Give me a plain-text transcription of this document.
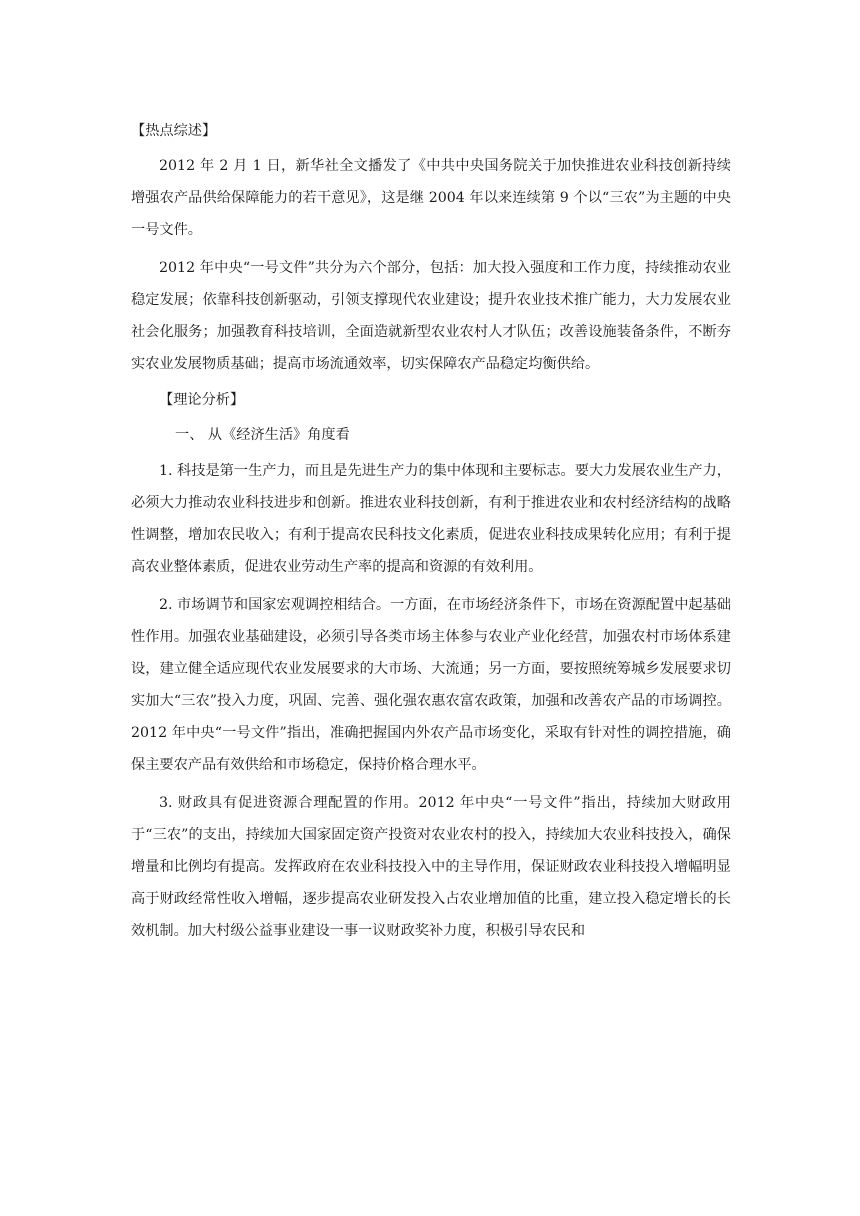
【热点综述】

2012 年 2 月 1 日，新华社全文播发了《中共中央国务院关于加快推进农业科技创新持续增强农产品供给保障能力的若干意见》，这是继 2004 年以来连续第 9 个以“三农”为主题的中央一号文件。

2012 年中央“一号文件”共分为六个部分，包括：加大投入强度和工作力度，持续推动农业稳定发展；依靠科技创新驱动，引领支撑现代农业建设；提升农业技术推广能力，大力发展农业社会化服务；加强教育科技培训，全面造就新型农业农村人才队伍；改善设施装备条件，不断夯实农业发展物质基础；提高市场流通效率，切实保障农产品稳定均衡供给。

【理论分析】

一、 从《经济生活》角度看

1. 科技是第一生产力，而且是先进生产力的集中体现和主要标志。要大力发展农业生产力，必须大力推动农业科技进步和创新。推进农业科技创新，有利于推进农业和农村经济结构的战略性调整，增加农民收入；有利于提高农民科技文化素质，促进农业科技成果转化应用；有利于提高农业整体素质，促进农业劳动生产率的提高和资源的有效利用。

2. 市场调节和国家宏观调控相结合。一方面，在市场经济条件下，市场在资源配置中起基础性作用。加强农业基础建设，必须引导各类市场主体参与农业产业化经营，加强农村市场体系建设，建立健全适应现代农业发展要求的大市场、大流通；另一方面，要按照统筹城乡发展要求切实加大“三农”投入力度，巩固、完善、强化强农惠农富农政策，加强和改善农产品的市场调控。2012 年中央“一号文件”指出，准确把握国内外农产品市场变化，采取有针对性的调控措施，确保主要农产品有效供给和市场稳定，保持价格合理水平。

3. 财政具有促进资源合理配置的作用。2012 年中央“一号文件”指出，持续加大财政用于“三农”的支出，持续加大国家固定资产投资对农业农村的投入，持续加大农业科技投入，确保增量和比例均有提高。发挥政府在农业科技投入中的主导作用，保证财政农业科技投入增幅明显高于财政经常性收入增幅，逐步提高农业研发投入占农业增加值的比重，建立投入稳定增长的长效机制。加大村级公益事业建设一事一议财政奖补力度，积极引导农民和
